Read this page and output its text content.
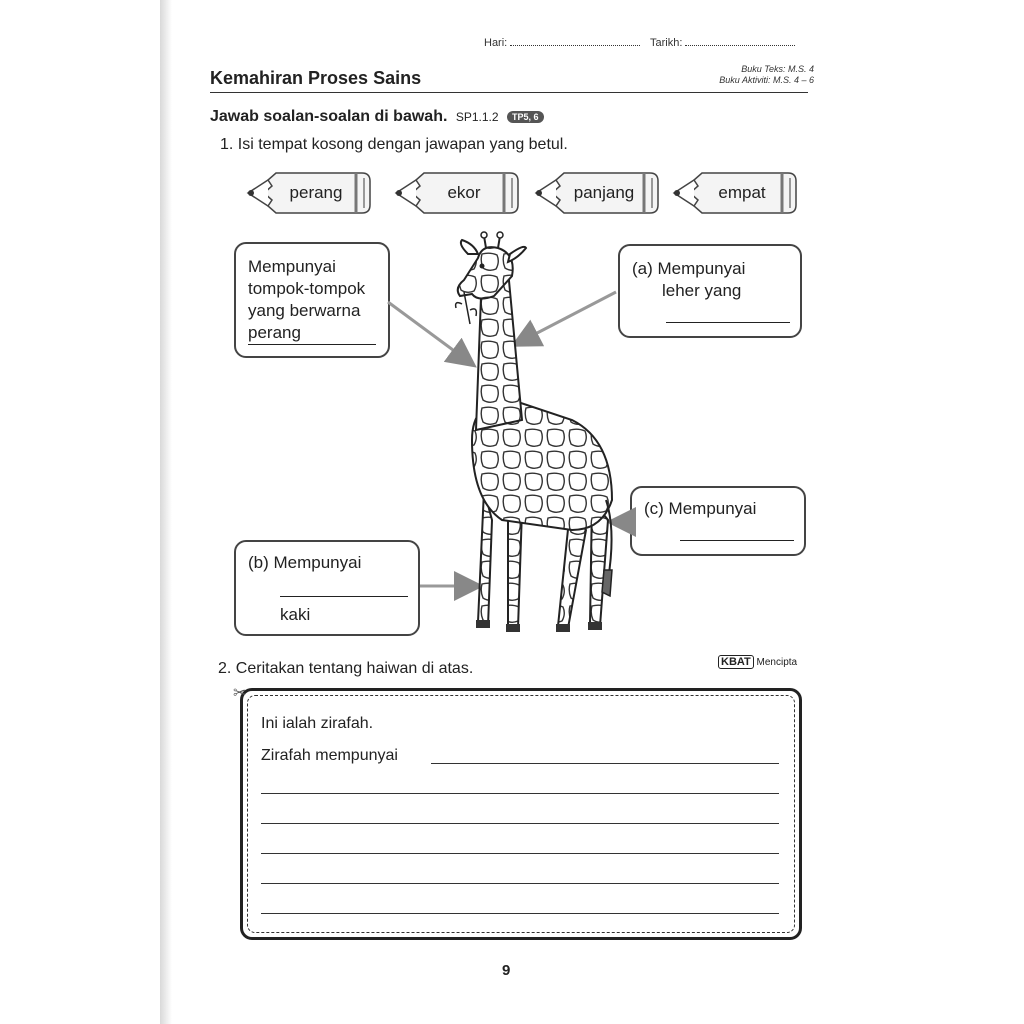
Hari:	Tarikh:
Kemahiran Proses Sains	Buku Teks: M.S. 4
Buku Aktiviti: M.S. 4 – 6
Jawab soalan-soalan di bawah. SP1.1.2 TP5, 6
1. Isi tempat kosong dengan jawapan yang betul.
perang	ekor	panjang	empat
Mempunyai
tompok-tompok
yang berwarna
perang
(a) Mempunyai
leher yang
(c) Mempunyai
(b) Mempunyai
kaki
2. Ceritakan tentang haiwan di atas.	KBAT Mencipta
✂
Ini ialah zirafah.
Zirafah mempunyai
9
